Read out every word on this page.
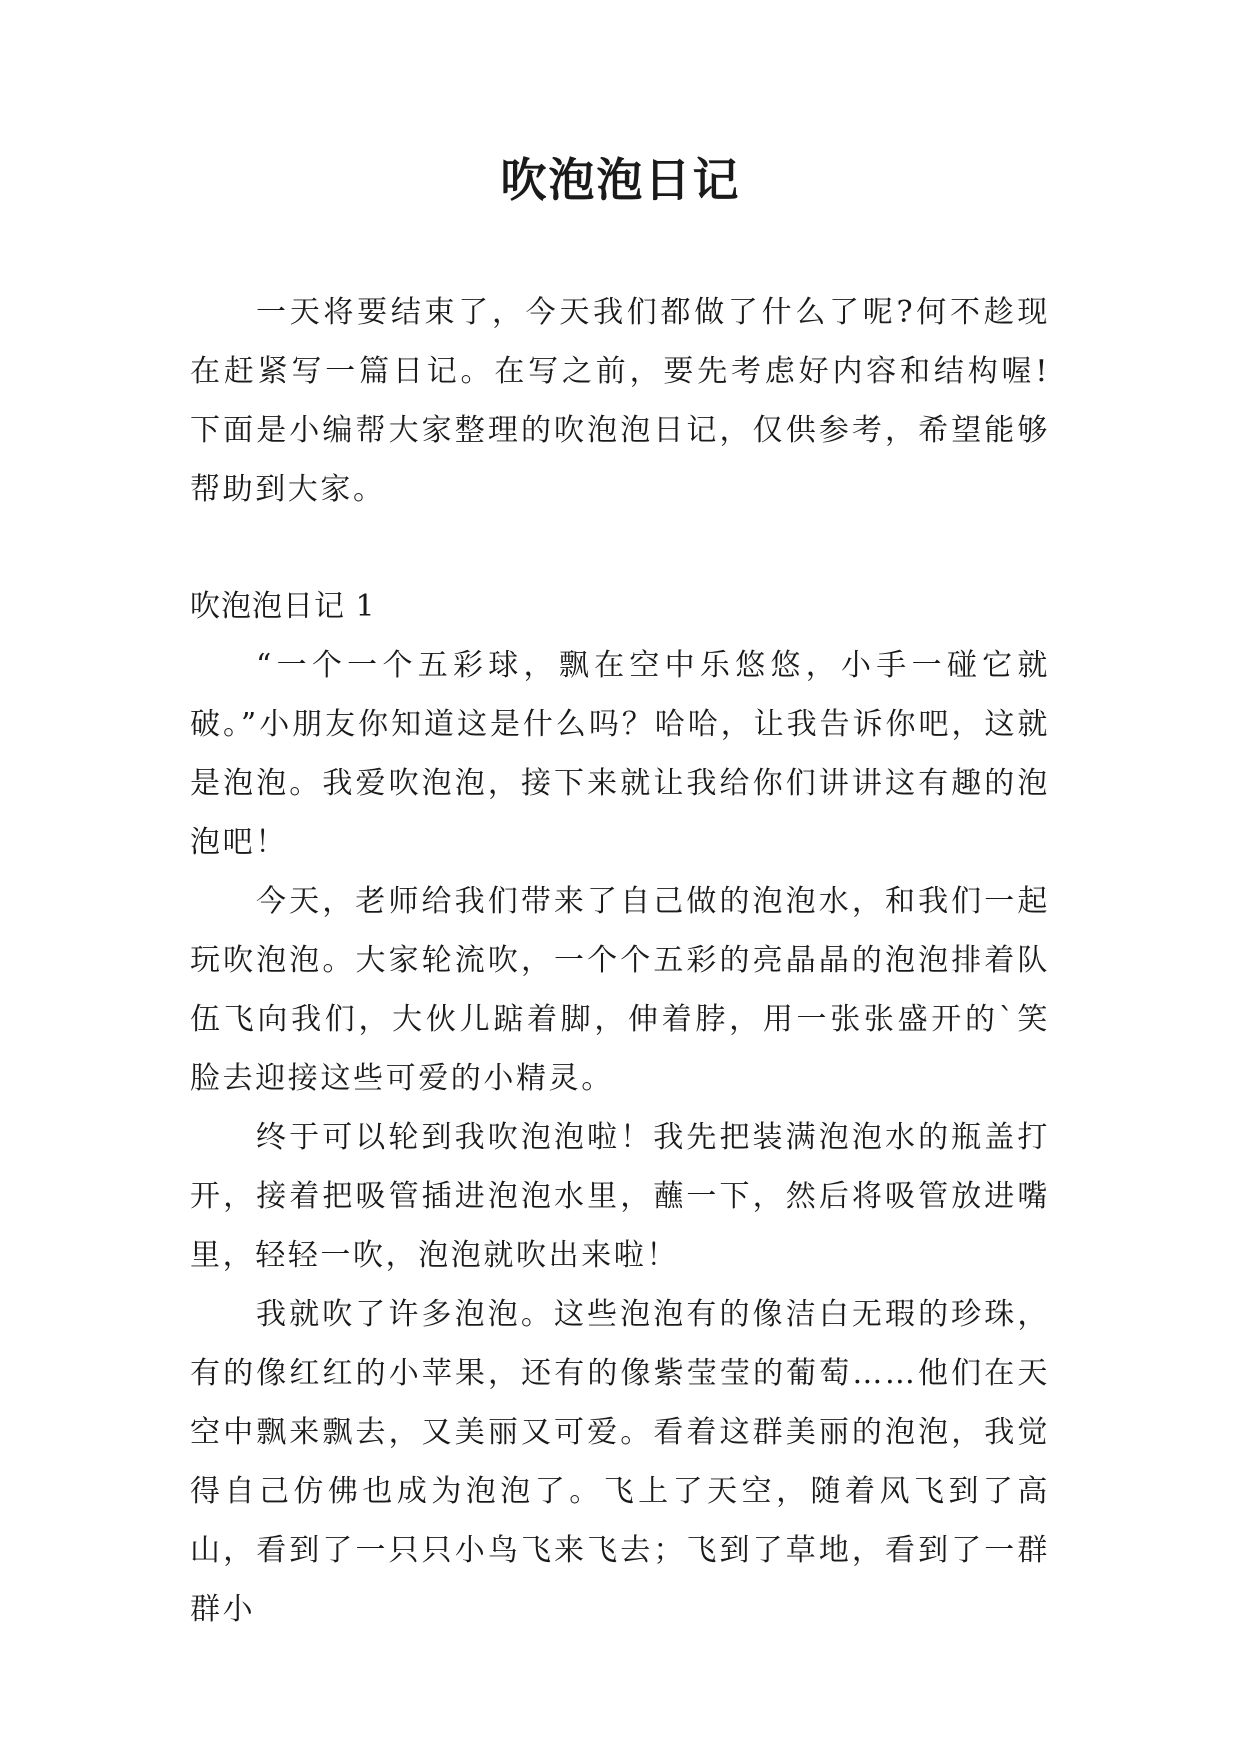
吹泡泡日记

一天将要结束了，今天我们都做了什么了呢?何不趁现在赶紧写一篇日记。在写之前，要先考虑好内容和结构喔!下面是小编帮大家整理的吹泡泡日记，仅供参考，希望能够帮助到大家。

吹泡泡日记 1

“一个一个五彩球，飘在空中乐悠悠，小手一碰它就破。”小朋友你知道这是什么吗？哈哈，让我告诉你吧，这就是泡泡。我爱吹泡泡，接下来就让我给你们讲讲这有趣的泡泡吧！

今天，老师给我们带来了自己做的泡泡水，和我们一起玩吹泡泡。大家轮流吹，一个个五彩的亮晶晶的泡泡排着队伍飞向我们，大伙儿踮着脚，伸着脖，用一张张盛开的`笑脸去迎接这些可爱的小精灵。

终于可以轮到我吹泡泡啦！我先把装满泡泡水的瓶盖打开，接着把吸管插进泡泡水里，蘸一下，然后将吸管放进嘴里，轻轻一吹，泡泡就吹出来啦！

我就吹了许多泡泡。这些泡泡有的像洁白无瑕的珍珠，有的像红红的小苹果，还有的像紫莹莹的葡萄……他们在天空中飘来飘去，又美丽又可爱。看着这群美丽的泡泡，我觉得自己仿佛也成为泡泡了。飞上了天空，随着风飞到了高山，看到了一只只小鸟飞来飞去；飞到了草地，看到了一群群小
